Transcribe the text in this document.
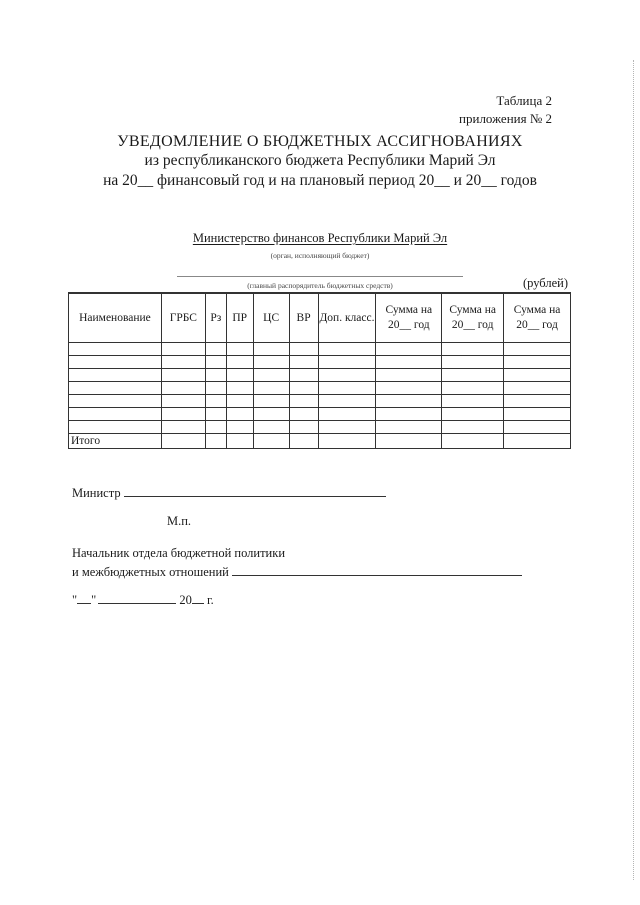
Таблица 2
приложения № 2
УВЕДОМЛЕНИЕ О БЮДЖЕТНЫХ АССИГНОВАНИЯХ
из республиканского бюджета Республики Марий Эл
на 20__ финансовый год и на плановый период 20__ и 20__ годов
Министерство финансов Республики Марий Эл
(орган, исполняющий бюджет)
(главный распорядитель бюджетных средств)	(рублей)
Наименование	ГРБС	Рз	ПР	ЦС	ВР	Доп. класс.	Сумма на 20__ год	Сумма на 20__ год	Сумма на 20__ год

Итого									
Министр
М.п.
Начальник отдела бюджетной политики
и межбюджетных отношений
" "	20 г.
